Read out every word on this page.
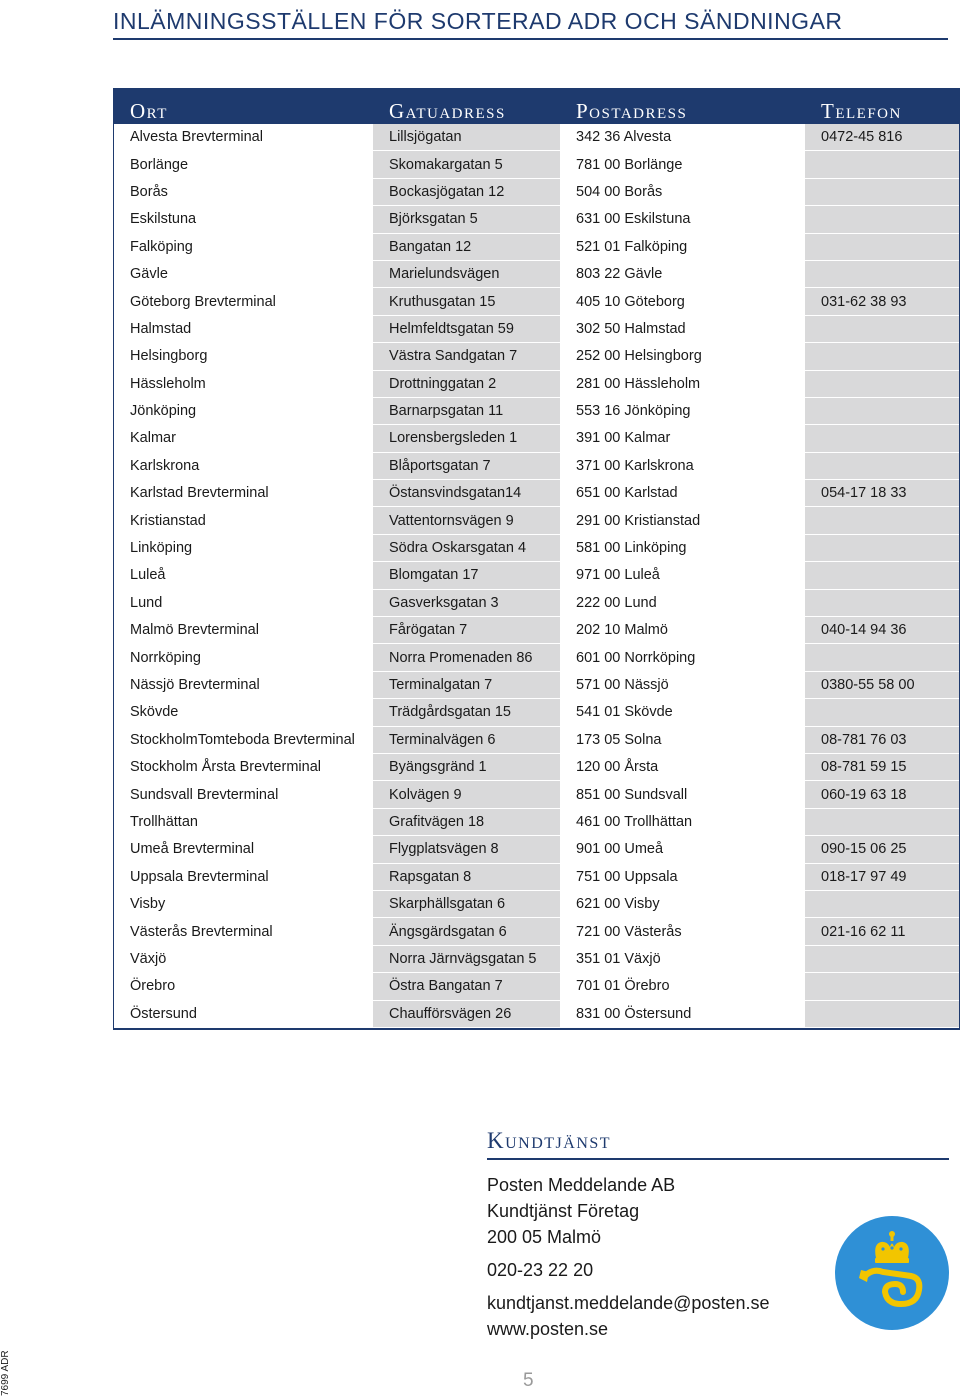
INLÄMNINGSSTÄLLEN FÖR SORTERAD ADR OCH SÄNDNINGAR
Ort	Gatuadress	Postadress	Telefon
Alvesta Brevterminal	Lillsjögatan	342 36 Alvesta	0472-45 816
Borlänge	Skomakargatan 5	781 00 Borlänge	
Borås	Bockasjögatan 12	504 00 Borås	
Eskilstuna	Björksgatan 5	631 00 Eskilstuna	
Falköping	Bangatan 12	521 01 Falköping	
Gävle	Marielundsvägen	803 22 Gävle	
Göteborg Brevterminal	Kruthusgatan 15	405 10 Göteborg	031-62 38 93
Halmstad	Helmfeldtsgatan 59	302 50 Halmstad	
Helsingborg	Västra Sandgatan 7	252 00 Helsingborg	
Hässleholm	Drottninggatan 2	281 00 Hässleholm	
Jönköping	Barnarpsgatan 11	553 16 Jönköping	
Kalmar	Lorensbergsleden 1	391 00 Kalmar	
Karlskrona	Blåportsgatan 7	371 00 Karlskrona	
Karlstad Brevterminal	Östansvindsgatan14	651 00 Karlstad	054-17 18 33
Kristianstad	Vattentornsvägen 9	291 00 Kristianstad	
Linköping	Södra Oskarsgatan 4	581 00 Linköping	
Luleå	Blomgatan 17	971 00 Luleå	
Lund	Gasverksgatan 3	222 00 Lund	
Malmö Brevterminal	Fårögatan 7	202 10 Malmö	040-14 94 36
Norrköping	Norra Promenaden 86	601 00 Norrköping	
Nässjö Brevterminal	Terminalgatan 7	571 00 Nässjö	0380-55 58 00
Skövde	Trädgårdsgatan 15	541 01 Skövde	
StockholmTomteboda Brevterminal	Terminalvägen 6	173 05 Solna	08-781 76 03
Stockholm Årsta Brevterminal	Byängsgränd 1	120 00 Årsta	08-781 59 15
Sundsvall Brevterminal	Kolvägen 9	851 00 Sundsvall	060-19 63 18
Trollhättan	Grafitvägen 18	461 00 Trollhättan	
Umeå Brevterminal	Flygplatsvägen 8	901 00 Umeå	090-15 06 25
Uppsala Brevterminal	Rapsgatan 8	751 00 Uppsala	018-17 97 49
Visby	Skarphällsgatan 6	621 00 Visby	
Västerås Brevterminal	Ängsgärdsgatan 6	721 00 Västerås	021-16 62 11
Växjö	Norra Järnvägsgatan 5	351 01 Växjö	
Örebro	Östra Bangatan 7	701 01 Örebro	
Östersund	Chaufförsvägen 26	831 00 Östersund	
Kundtjänst
Posten Meddelande AB
Kundtjänst Företag
200 05 Malmö
020-23 22 20
kundtjanst.meddelande@posten.se
www.posten.se
7699 ADR	5
